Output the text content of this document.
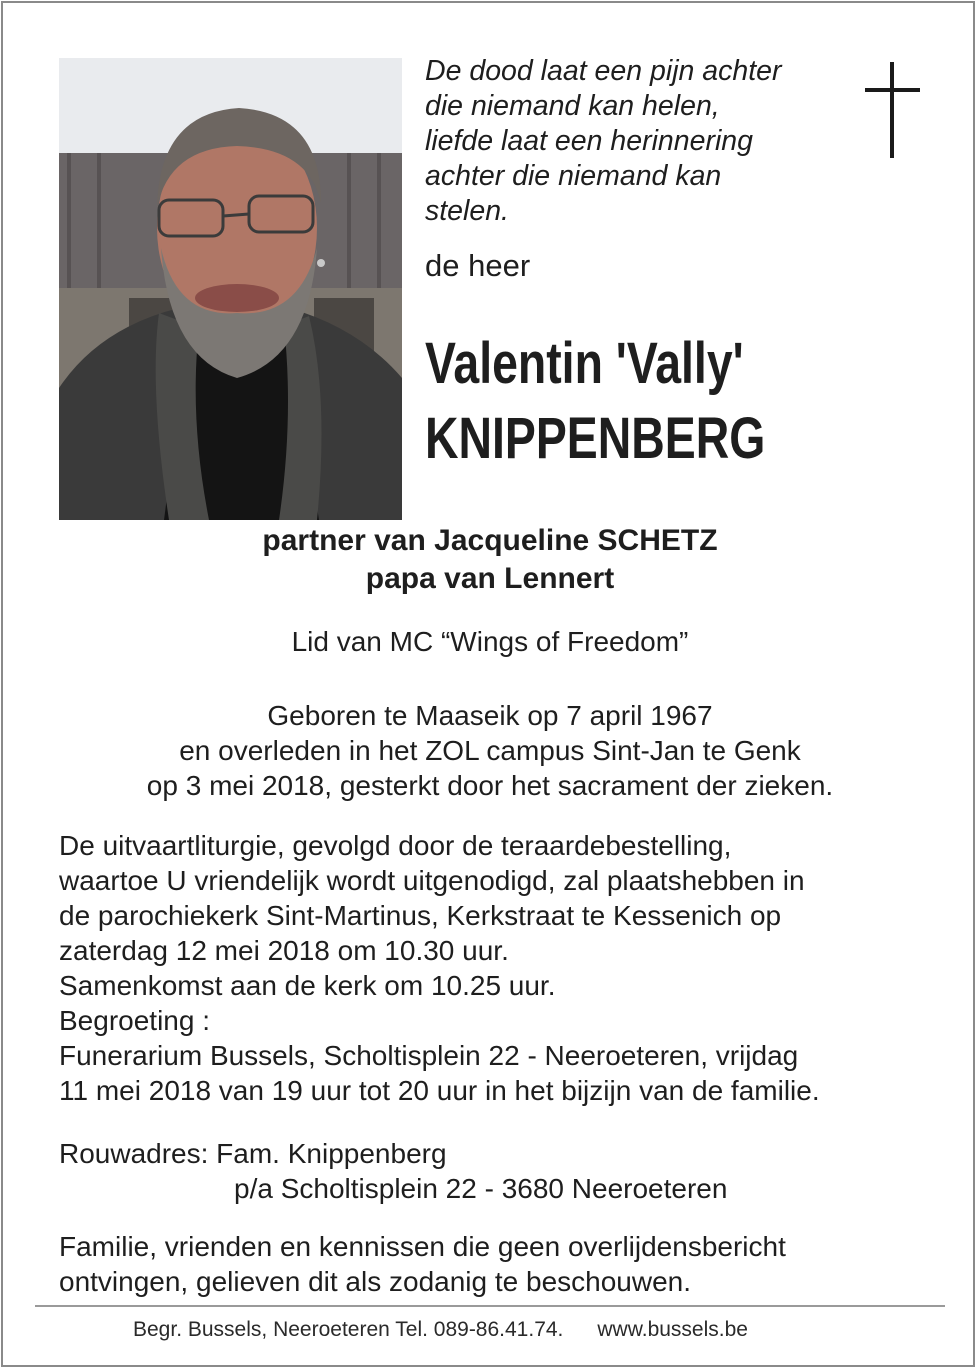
De dood laat een pijn achter
die niemand kan helen,
liefde laat een herinnering
achter die niemand kan
stelen.
de heer
Valentin 'Vally'
KNIPPENBERG
partner van Jacqueline SCHETZ
papa van Lennert
Lid van MC “Wings of Freedom”
Geboren te Maaseik op 7 april 1967
en overleden in het ZOL campus Sint-Jan te Genk
op 3 mei 2018, gesterkt door het sacrament der zieken.
De uitvaartliturgie, gevolgd door de teraardebestelling,
waartoe U vriendelijk wordt uitgenodigd, zal plaatshebben in
de parochiekerk Sint-Martinus, Kerkstraat te Kessenich op
zaterdag 12 mei 2018 om 10.30 uur.
Samenkomst aan de kerk om 10.25 uur.
Begroeting :
Funerarium Bussels, Scholtisplein 22 - Neeroeteren, vrijdag
11 mei 2018 van 19 uur tot 20 uur in het bijzijn van de familie.
Rouwadres: Fam. Knippenberg
p/a Scholtisplein 22 - 3680 Neeroeteren
Familie, vrienden en kennissen die geen overlijdensbericht
ontvingen, gelieven dit als zodanig te beschouwen.
Begr. Bussels, Neeroeteren Tel. 089-86.41.74. www.bussels.be
